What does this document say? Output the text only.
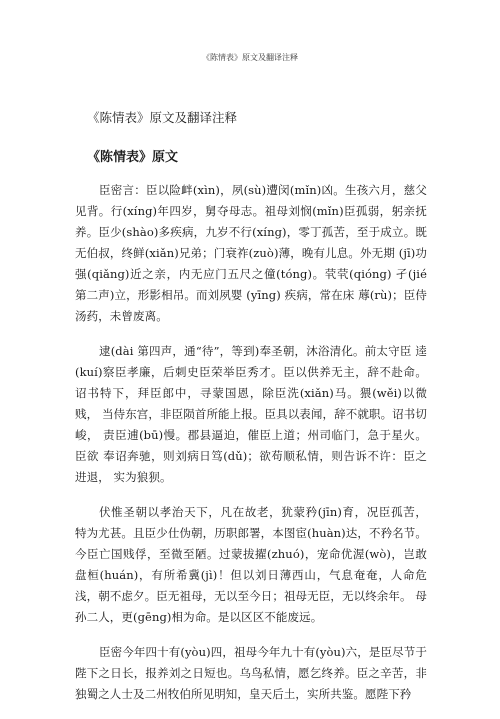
《陈情表》原文及翻译注释
《陈情表》原文及翻译注释
《陈情表》原文

臣密言：臣以险衅(xìn)，夙(sù)遭闵(mǐn)凶。生孩六月，慈父见背。行(xíng)年四岁，舅夺母志。祖母刘悯(mǐn)臣孤弱，躬亲抚养。臣少(shào)多疾病，九岁不行(xíng)，零丁孤苦，至于成立。既无伯叔，终鲜(xiǎn)兄弟；门衰祚(zuò)薄，晚有儿息。外无期 (jī)功强(qiǎng)近之亲，内无应门五尺之僮(tóng)。茕茕(qióng) 孑(jié 第二声)立，形影相吊。而刘夙婴 (yīng) 疾病，常在床 蓐(rù)；臣侍汤药，未曾废离。

逮(dài 第四声，通“待”，等到)奉圣朝，沐浴清化。前太守臣 逵(kuí)察臣孝廉，后刺史臣荣举臣秀才。臣以供养无主，辞不赴命。 诏书特下，拜臣郎中，寻蒙国恩，除臣洗(xiǎn)马。猥(wěi)以微贱， 当侍东宫，非臣陨首所能上报。臣具以表闻，辞不就职。诏书切峻， 责臣逋(bū)慢。郡县逼迫，催臣上道；州司临门，急于星火。臣欲 奉诏奔驰，则刘病日笃(dǔ)；欲苟顺私情，则告诉不许：臣之进退， 实为狼狈。

伏惟圣朝以孝治天下，凡在故老，犹蒙矜(jīn)育，况臣孤苦， 特为尤甚。且臣少仕伪朝，历职郎署，本图宦(huàn)达，不矜名节。 今臣亡国贱俘，至微至陋。过蒙拔擢(zhuó)，宠命优渥(wò)，岂敢 盘桓(huán)，有所希冀(jì)！但以刘日薄西山，气息奄奄，人命危 浅，朝不虑夕。臣无祖母，无以至今日；祖母无臣，无以终余年。 母孙二人，更(gēng)相为命。是以区区不能废远。

臣密今年四十有(yòu)四，祖母今年九十有(yòu)六，是臣尽节于陛下之日长，报养刘之日短也。乌鸟私情，愿乞终养。臣之辛苦，非独蜀之人士及二州牧伯所见明知，皇天后土，实所共鉴。愿陛下矜
